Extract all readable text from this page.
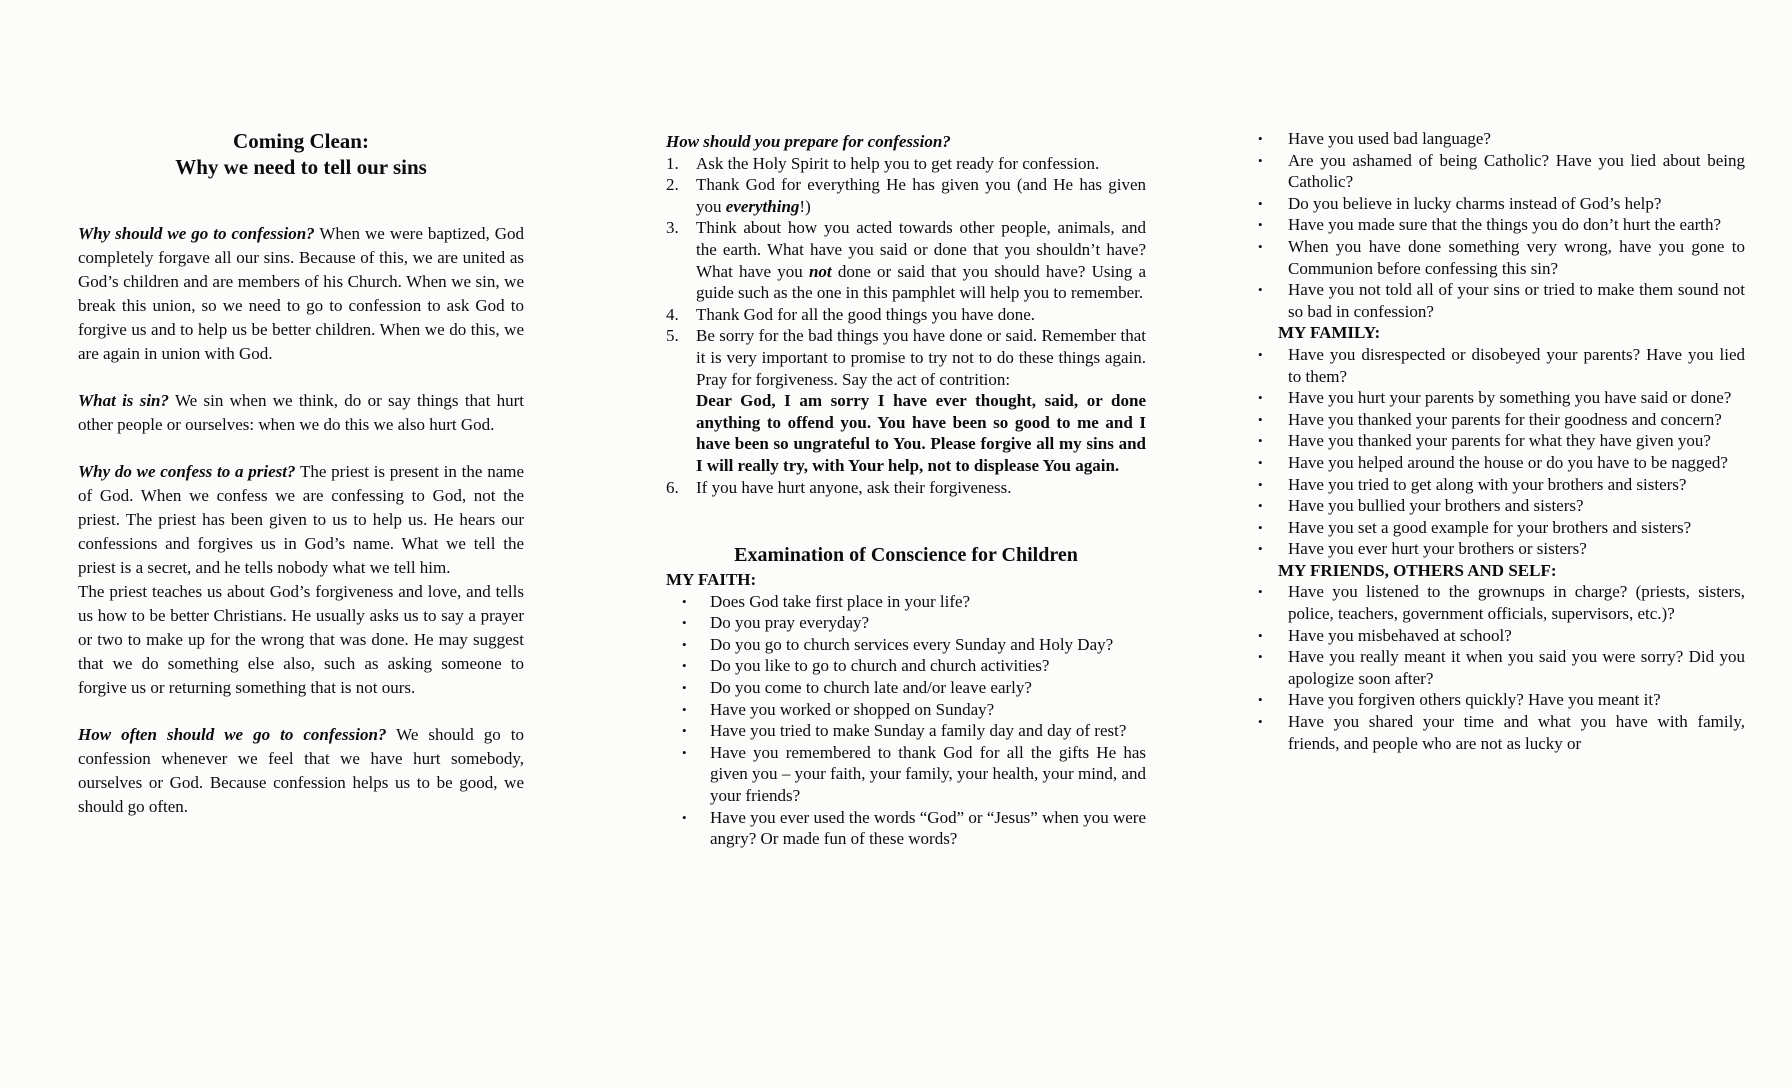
Coming Clean:
Why we need to tell our sins
Why should we go to confession? When we were baptized, God completely forgave all our sins. Because of this, we are united as God’s children and are members of his Church. When we sin, we break this union, so we need to go to confession to ask God to forgive us and to help us be better children. When we do this, we are again in union with God.
What is sin? We sin when we think, do or say things that hurt other people or ourselves: when we do this we also hurt God.
Why do we confess to a priest? The priest is present in the name of God. When we confess we are confessing to God, not the priest. The priest has been given to us to help us. He hears our confessions and forgives us in God’s name. What we tell the priest is a secret, and he tells nobody what we tell him.
The priest teaches us about God’s forgiveness and love, and tells us how to be better Christians. He usually asks us to say a prayer or two to make up for the wrong that was done. He may suggest that we do something else also, such as asking someone to forgive us or returning something that is not ours.
How often should we go to confession? We should go to confession whenever we feel that we have hurt somebody, ourselves or God. Because confession helps us to be good, we should go often.
How should you prepare for confession?
1.	Ask the Holy Spirit to help you to get ready for confession.
2.	Thank God for everything He has given you (and He has given you everything!)
3.	Think about how you acted towards other people, animals, and the earth. What have you said or done that you shouldn’t have? What have you not done or said that you should have? Using a guide such as the one in this pamphlet will help you to remember.
4.	Thank God for all the good things you have done.
5.	Be sorry for the bad things you have done or said. Remember that it is very important to promise to try not to do these things again. Pray for forgiveness. Say the act of contrition:
Dear God, I am sorry I have ever thought, said, or done anything to offend you. You have been so good to me and I have been so ungrateful to You. Please forgive all my sins and I will really try, with Your help, not to displease You again.
6.	If you have hurt anyone, ask their forgiveness.
Examination of Conscience for Children
MY FAITH:
•	Does God take first place in your life?
•	Do you pray everyday?
•	Do you go to church services every Sunday and Holy Day?
•	Do you like to go to church and church activities?
•	Do you come to church late and/or leave early?
•	Have you worked or shopped on Sunday?
•	Have you tried to make Sunday a family day and day of rest?
•	Have you remembered to thank God for all the gifts He has given you – your faith, your family, your health, your mind, and your friends?
•	Have you ever used the words “God” or “Jesus” when you were angry? Or made fun of these words?
•	Have you used bad language?
•	Are you ashamed of being Catholic? Have you lied about being Catholic?
•	Do you believe in lucky charms instead of God’s help?
•	Have you made sure that the things you do don’t hurt the earth?
•	When you have done something very wrong, have you gone to Communion before confessing this sin?
•	Have you not told all of your sins or tried to make them sound not so bad in confession?
MY FAMILY:
•	Have you disrespected or disobeyed your parents? Have you lied to them?
•	Have you hurt your parents by something you have said or done?
•	Have you thanked your parents for their goodness and concern?
•	Have you thanked your parents for what they have given you?
•	Have you helped around the house or do you have to be nagged?
•	Have you tried to get along with your brothers and sisters?
•	Have you bullied your brothers and sisters?
•	Have you set a good example for your brothers and sisters?
•	Have you ever hurt your brothers or sisters?
MY FRIENDS, OTHERS AND SELF:
•	Have you listened to the grownups in charge? (priests, sisters, police, teachers, government officials, supervisors, etc.)?
•	Have you misbehaved at school?
•	Have you really meant it when you said you were sorry? Did you apologize soon after?
•	Have you forgiven others quickly? Have you meant it?
•	Have you shared your time and what you have with family, friends, and people who are not as lucky or
